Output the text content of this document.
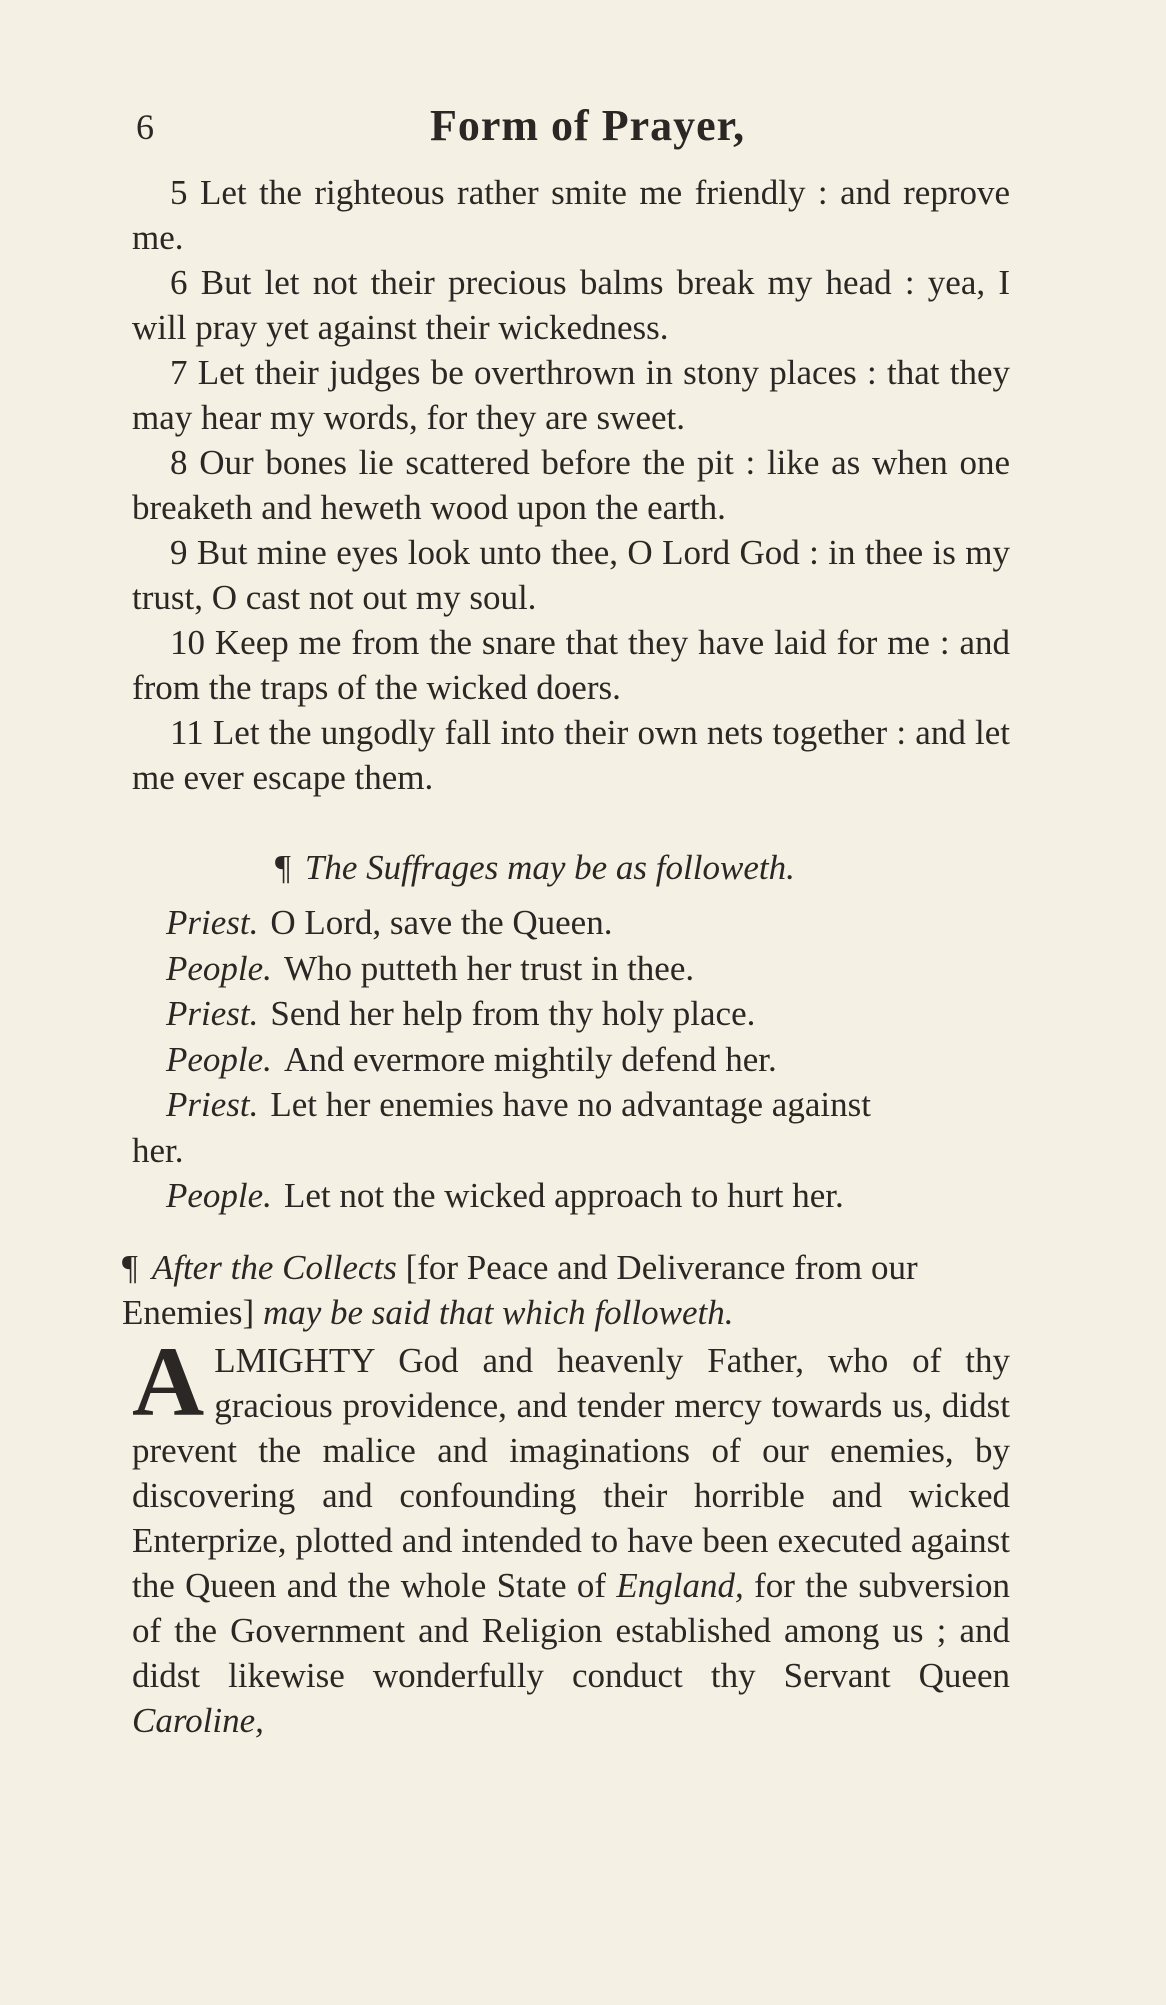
6	Form of Prayer,

5 Let the righteous rather smite me friendly : and reprove me.

6 But let not their precious balms break my head : yea, I will pray yet against their wickedness.

7 Let their judges be overthrown in stony places : that they may hear my words, for they are sweet.

8 Our bones lie scattered before the pit : like as when one breaketh and heweth wood upon the earth.

9 But mine eyes look unto thee, O Lord God : in thee is my trust, O cast not out my soul.

10 Keep me from the snare that they have laid for me : and from the traps of the wicked doers.

11 Let the ungodly fall into their own nets together : and let me ever escape them.

¶ The Suffrages may be as followeth.

Priest. O Lord, save the Queen.

People. Who putteth her trust in thee.

Priest. Send her help from thy holy place.

People. And evermore mightily defend her.

Priest. Let her enemies have no advantage against

her.

People. Let not the wicked approach to hurt her.

¶ After the Collects [for Peace and Deliverance from our Enemies] may be said that which followeth.
A LMIGHTY God and heavenly Father, who of thy gracious providence, and tender mercy towards us, didst prevent the malice and imaginations of our enemies, by discovering and confounding their horrible and wicked Enterprize, plotted and intended to have been executed against the Queen and the whole State of England, for the subversion of the Government and Religion established among us ; and didst likewise wonderfully conduct thy Servant Queen Caroline,
